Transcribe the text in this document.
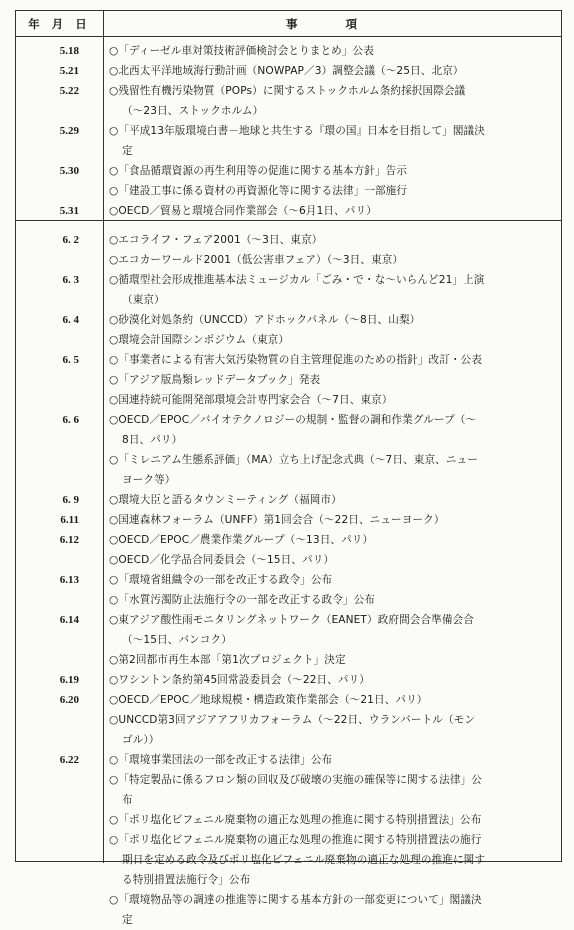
年 月 日	事 項
5.18	○「ディーゼル車対策技術評価検討会とりまとめ」公表
5.21	○北西太平洋地域海行動計画（NOWPAP／3）調整会議（～25日、北京）
5.22	○残留性有機汚染物質（POPs）に関するストックホルム条約採択国際会議
（～23日、ストックホルム）
5.29	○「平成13年版環境白書－地球と共生する『環の国』日本を目指して」閣議決
定
5.30	○「食品循環資源の再生利用等の促進に関する基本方針」告示
○「建設工事に係る資材の再資源化等に関する法律」一部施行
5.31	○OECD／貿易と環境合同作業部会（～6月1日、パリ）
6. 2	○エコライフ・フェア2001（～3日、東京）
○エコカーワールド2001（低公害車フェア）（～3日、東京）
6. 3	○循環型社会形成推進基本法ミュージカル「ごみ・で・な～いらんど21」上演
（東京）
6. 4	○砂漠化対処条約（UNCCD）アドホックパネル（～8日、山梨）
○環境会計国際シンポジウム（東京）
6. 5	○「事業者による有害大気汚染物質の自主管理促進のための指針」改訂・公表
○「アジア版鳥類レッドデータブック」発表
○国連持続可能開発部環境会計専門家会合（～7日、東京）
6. 6	○OECD／EPOC／バイオテクノロジーの規制・監督の調和作業グループ（～
8日、パリ）
○「ミレニアム生態系評価」（MA）立ち上げ記念式典（～7日、東京、ニュー
ヨーク等）
6. 9	○環境大臣と語るタウンミーティング（福岡市）
6.11	○国連森林フォーラム（UNFF）第1回会合（～22日、ニューヨーク）
6.12	○OECD／EPOC／農業作業グループ（～13日、パリ）
○OECD／化学品合同委員会（～15日、パリ）
6.13	○「環境省組織令の一部を改正する政令」公布
○「水質汚濁防止法施行令の一部を改正する政令」公布
6.14	○東アジア酸性雨モニタリングネットワーク（EANET）政府間会合準備会合
（～15日、バンコク）
○第2回都市再生本部「第1次プロジェクト」決定
6.19	○ワシントン条約第45回常設委員会（～22日、パリ）
6.20	○OECD／EPOC／地球規模・構造政策作業部会（～21日、パリ）
○UNCCD第3回アジアアフリカフォーラム（～22日、ウランバートル（モン
ゴル））
6.22	○「環境事業団法の一部を改正する法律」公布
○「特定製品に係るフロン類の回収及び破壊の実施の確保等に関する法律」公
布
○「ポリ塩化ビフェニル廃棄物の適正な処理の推進に関する特別措置法」公布
○「ポリ塩化ビフェニル廃棄物の適正な処理の推進に関する特別措置法の施行
期日を定める政令及びポリ塩化ビフェニル廃棄物の適正な処理の推進に関す
る特別措置法施行令」公布
○「環境物品等の調達の推進等に関する基本方針の一部変更について」閣議決
定
